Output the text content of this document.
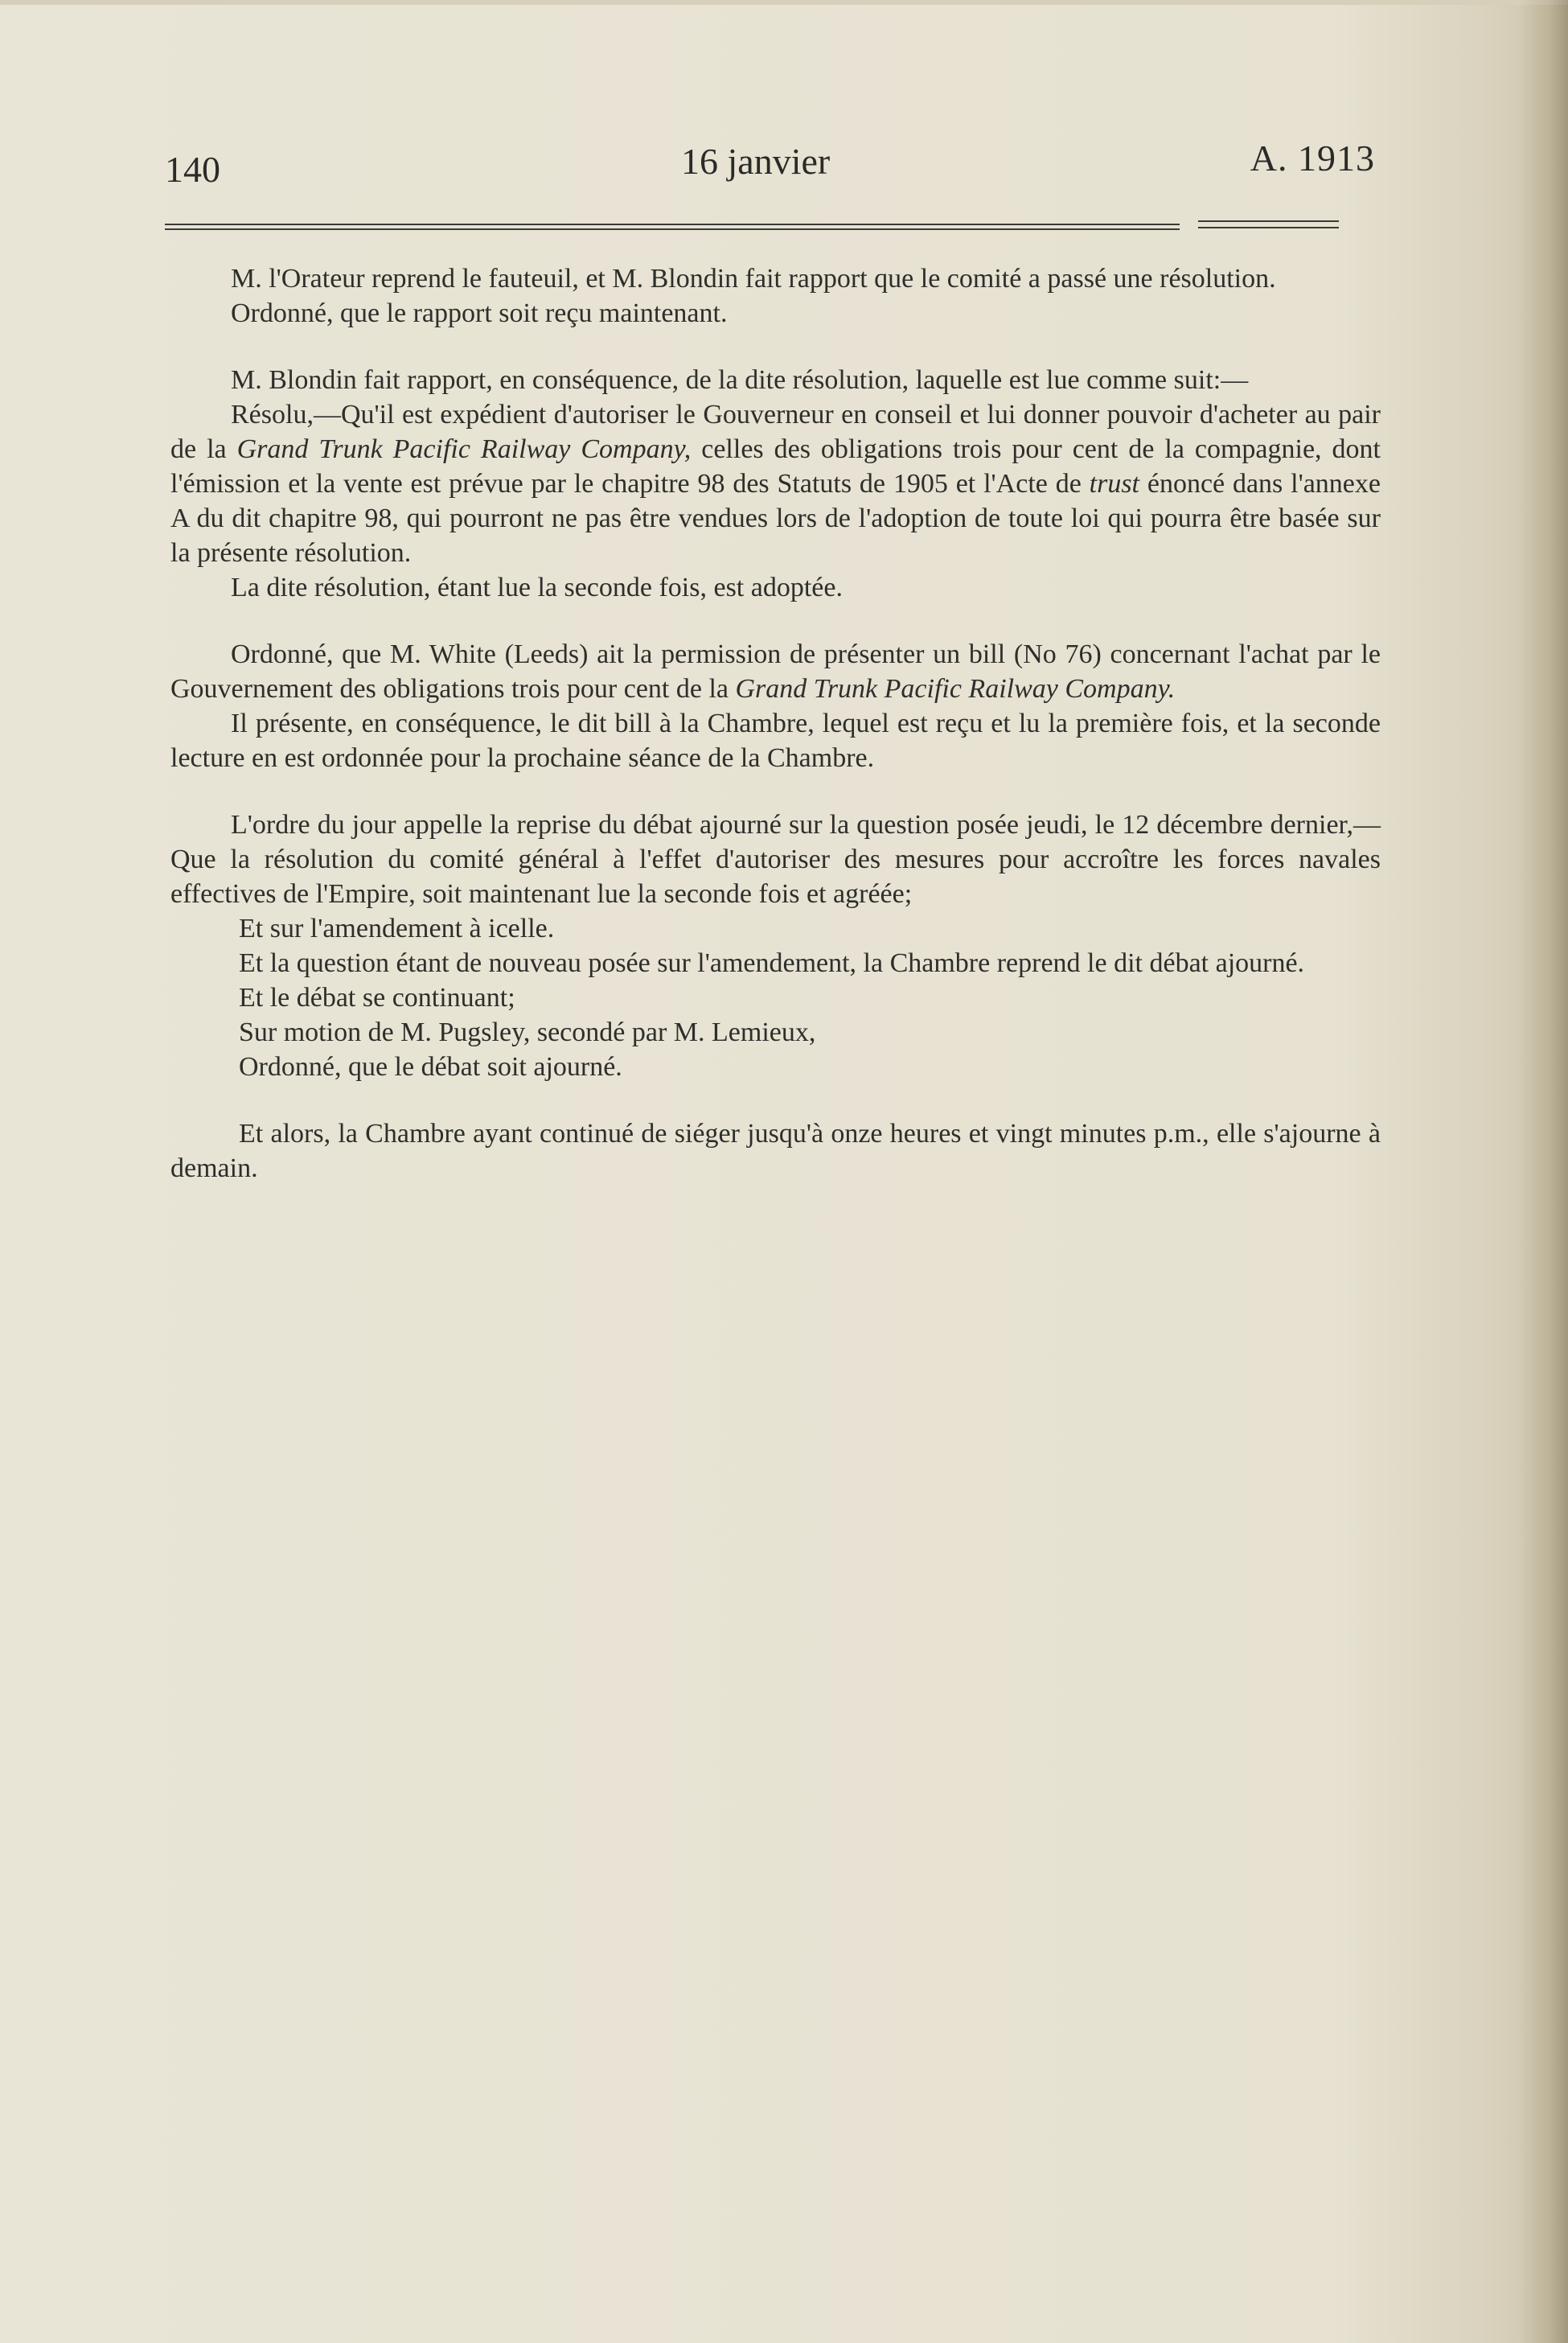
140	16 janvier	A. 1913

M. l'Orateur reprend le fauteuil, et M. Blondin fait rapport que le comité a passé une résolution.

Ordonné, que le rapport soit reçu maintenant.

M. Blondin fait rapport, en conséquence, de la dite résolution, laquelle est lue comme suit:—

Résolu,—Qu'il est expédient d'autoriser le Gouverneur en conseil et lui donner pouvoir d'acheter au pair de la Grand Trunk Pacific Railway Company, celles des obligations trois pour cent de la compagnie, dont l'émission et la vente est prévue par le chapitre 98 des Statuts de 1905 et l'Acte de trust énoncé dans l'annexe A du dit chapitre 98, qui pourront ne pas être vendues lors de l'adoption de toute loi qui pourra être basée sur la présente résolution.

La dite résolution, étant lue la seconde fois, est adoptée.

Ordonné, que M. White (Leeds) ait la permission de présenter un bill (No 76) concernant l'achat par le Gouvernement des obligations trois pour cent de la Grand Trunk Pacific Railway Company.

Il présente, en conséquence, le dit bill à la Chambre, lequel est reçu et lu la première fois, et la seconde lecture en est ordonnée pour la prochaine séance de la Chambre.

L'ordre du jour appelle la reprise du débat ajourné sur la question posée jeudi, le 12 décembre dernier,—Que la résolution du comité général à l'effet d'autoriser des mesures pour accroître les forces navales effectives de l'Empire, soit maintenant lue la seconde fois et agréée;

Et sur l'amendement à icelle.

Et la question étant de nouveau posée sur l'amendement, la Chambre reprend le dit débat ajourné.

Et le débat se continuant;

Sur motion de M. Pugsley, secondé par M. Lemieux,

Ordonné, que le débat soit ajourné.

Et alors, la Chambre ayant continué de siéger jusqu'à onze heures et vingt minutes p.m., elle s'ajourne à demain.
